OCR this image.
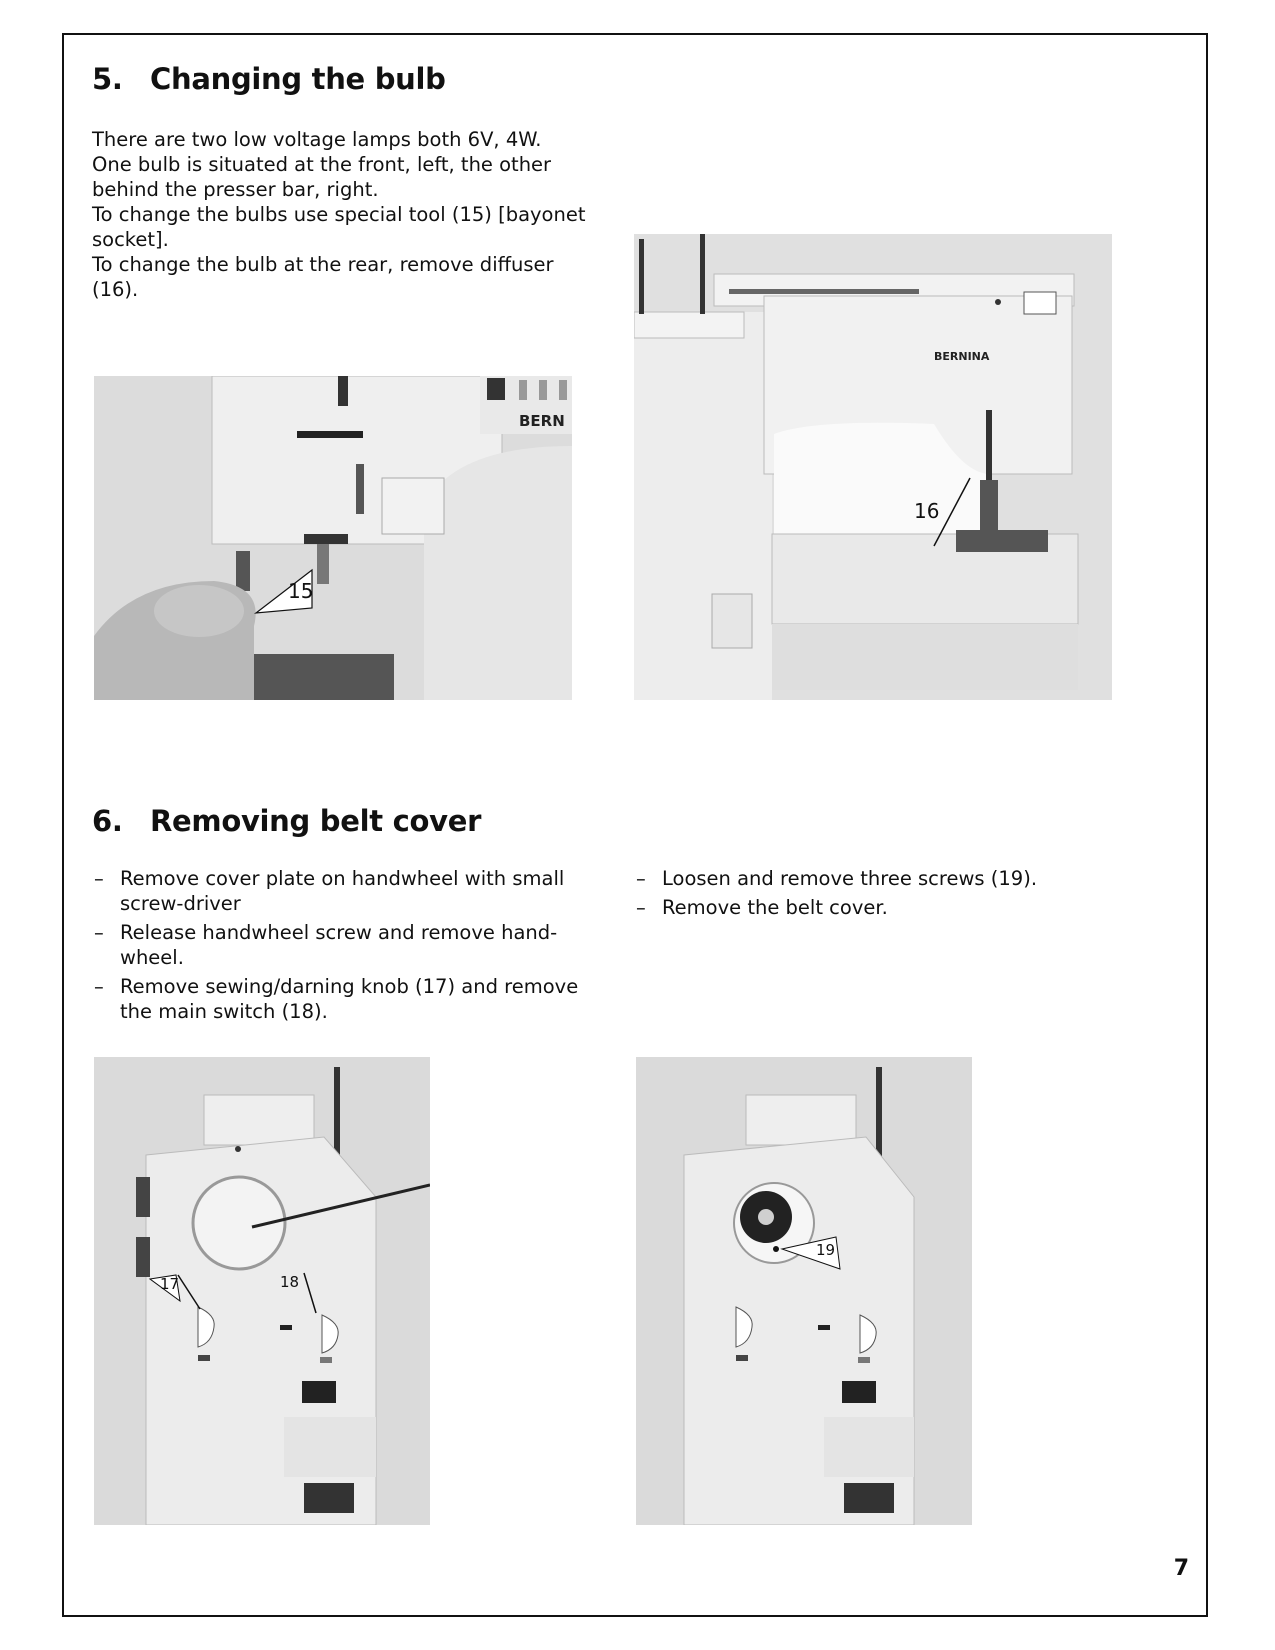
5. Changing the bulb

There are two low voltage lamps both 6V, 4W.

One bulb is situated at the front, left, the other behind the presser bar, right.

To change the bulbs use special tool (15) [bayonet socket].

To change the bulb at the rear, remove diffuser (16).

BERN
15
BERNINA
16
6. Removing belt cover
– Remove cover plate on handwheel with small screw-driver
– Release handwheel screw and remove hand-wheel.
– Remove sewing/darning knob (17) and remove the main switch (18).
– Loosen and remove three screws (19).
– Remove the belt cover.
17	18
19
7
